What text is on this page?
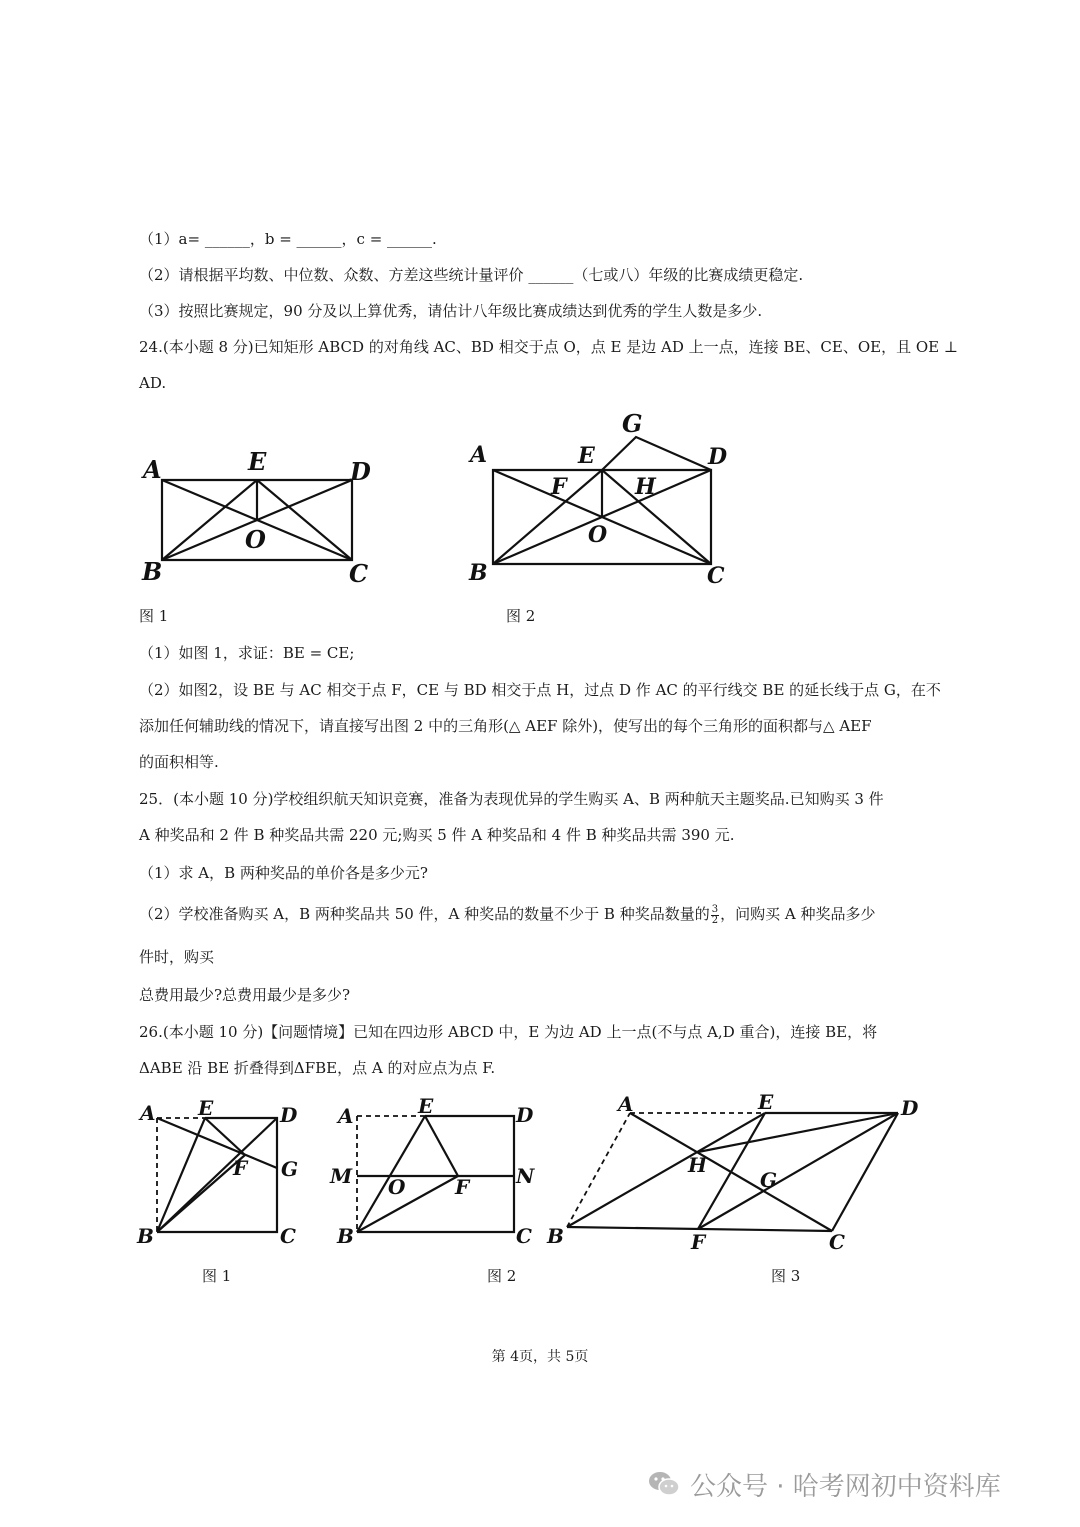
（1）a= ______，b = ______，c = ______.
（2）请根据平均数、中位数、众数、方差这些统计量评价 ______（七或八）年级的比赛成绩更稳定.
（3）按照比赛规定，90 分及以上算优秀，请估计八年级比赛成绩达到优秀的学生人数是多少.
24.(本小题 8 分)已知矩形 ABCD 的对角线 AC、BD 相交于点 O，点 E 是边 AD 上一点，连接 BE、CE、OE，且 OE ⊥
AD.
A	E	D
O
B	C
G
A	E	D
F	H
O
B	C
图 1	图 2
（1）如图 1，求证：BE = CE;
（2）如图2，设 BE 与 AC 相交于点 F，CE 与 BD 相交于点 H，过点 D 作 AC 的平行线交 BE 的延长线于点 G，在不
添加任何辅助线的情况下，请直接写出图 2 中的三角形(△ AEF 除外)，使写出的每个三角形的面积都与△ AEF
的面积相等.
25．(本小题 10 分)学校组织航天知识竞赛，准备为表现优异的学生购买 A、B 两种航天主题奖品.已知购买 3 件
A 种奖品和 2 件 B 种奖品共需 220 元;购买 5 件 A 种奖品和 4 件 B 种奖品共需 390 元.
（1）求 A，B 两种奖品的单价各是多少元?
（2）学校准备购买 A，B 两种奖品共 50 件，A 种奖品的数量不少于 B 种奖品数量的 $\frac{3}{2}$ ，问购买 A 种奖品多少
件时，购买
总费用最少?总费用最少是多少?
26.(本小题 10 分)【问题情境】已知在四边形 ABCD 中，E 为边 AD 上一点(不与点 A,D 重合)，连接 BE，将
ΔABE 沿 BE 折叠得到ΔFBE，点 A 的对应点为点 F.
A E	D
F G
B	C
A	E	D
M O F N
B	C
A	E	D
H
G
B	F	C
图 1	图 2	图 3
第 4页，共 5页
公众号 · 哈考网初中资料库
